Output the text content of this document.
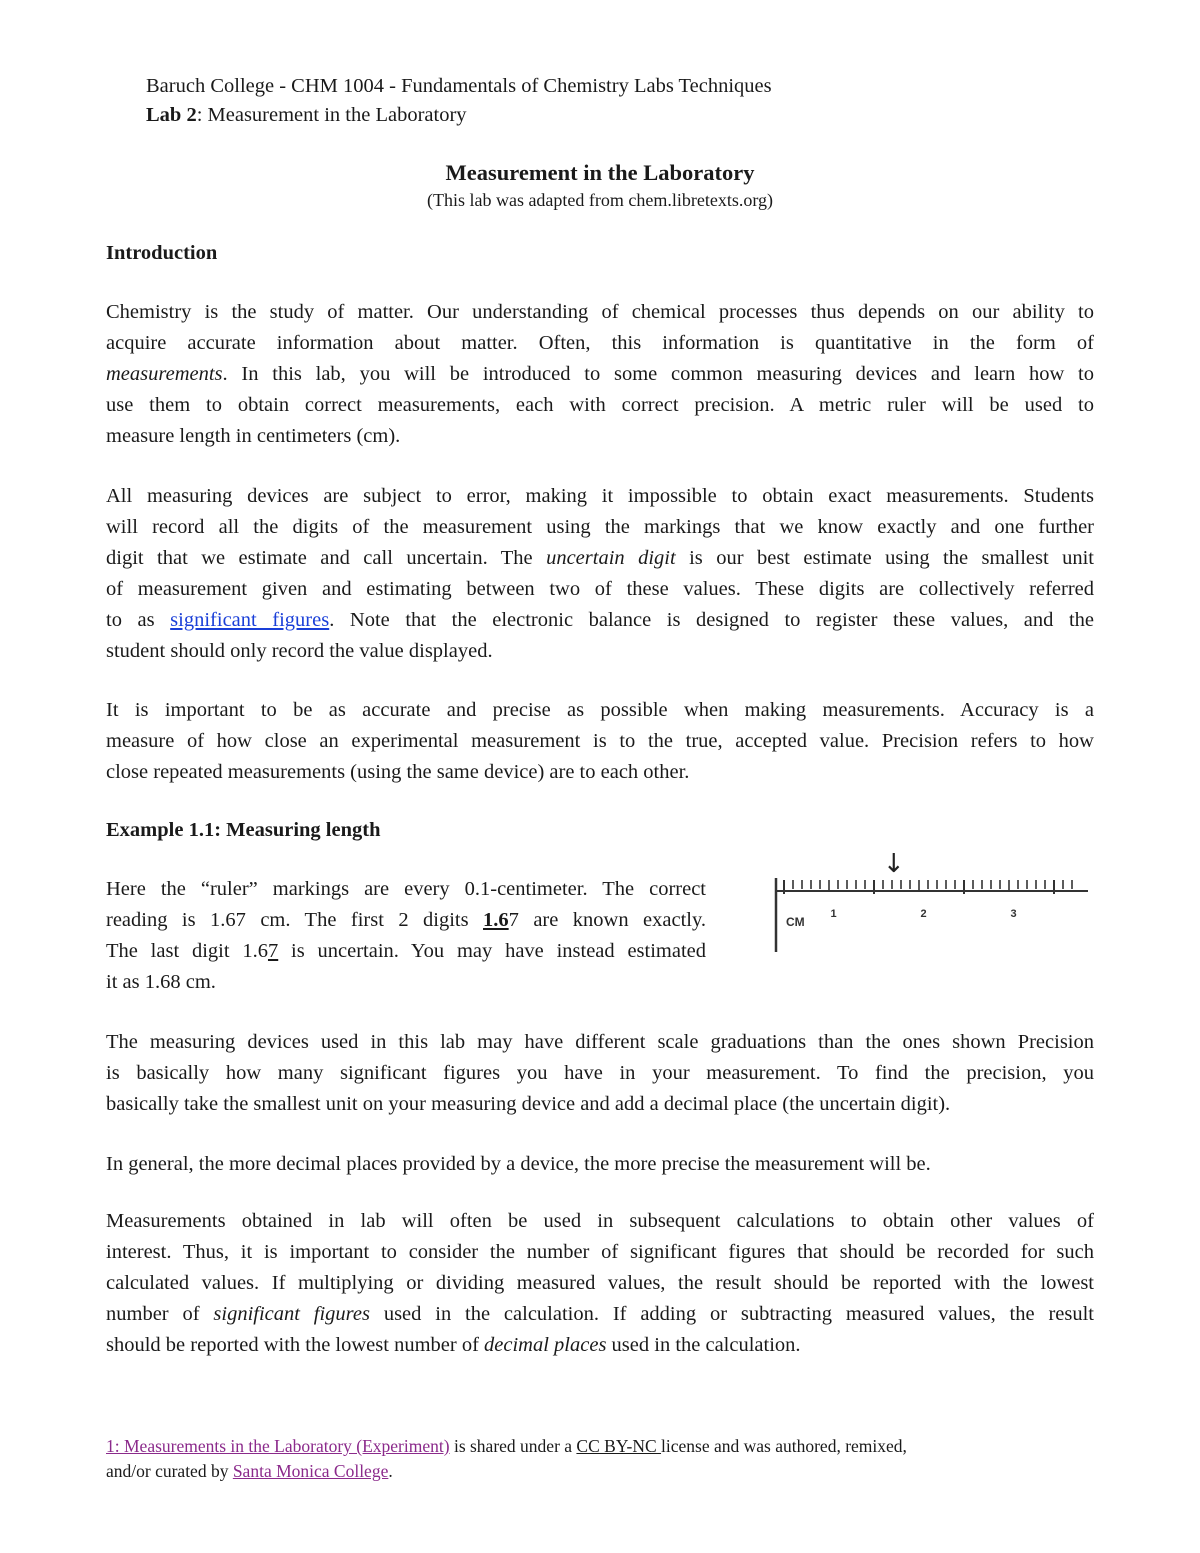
Baruch College - CHM 1004 - Fundamentals of Chemistry Labs Techniques
Lab 2: Measurement in the Laboratory
Measurement in the Laboratory
(This lab was adapted from chem.libretexts.org)
Introduction
Chemistry is the study of matter. Our understanding of chemical processes thus depends on our ability to
acquire accurate information about matter. Often, this information is quantitative in the form of
measurements. In this lab, you will be introduced to some common measuring devices and learn how to
use them to obtain correct measurements, each with correct precision. A metric ruler will be used to
measure length in centimeters (cm).
All measuring devices are subject to error, making it impossible to obtain exact measurements. Students
will record all the digits of the measurement using the markings that we know exactly and one further
digit that we estimate and call uncertain. The uncertain digit is our best estimate using the smallest unit
of measurement given and estimating between two of these values. These digits are collectively referred
to as significant figures. Note that the electronic balance is designed to register these values, and the
student should only record the value displayed.
It is important to be as accurate and precise as possible when making measurements. Accuracy is a
measure of how close an experimental measurement is to the true, accepted value. Precision refers to how
close repeated measurements (using the same device) are to each other.
Example 1.1: Measuring length
Here the “ruler” markings are every 0.1-centimeter. The correct
reading is 1.67 cm. The first 2 digits 1.67 are known exactly.
The last digit 1.67 is uncertain. You may have instead estimated
it as 1.68 cm.
CM
1	2	3
↓
The measuring devices used in this lab may have different scale graduations than the ones shown Precision
is basically how many significant figures you have in your measurement. To find the precision, you
basically take the smallest unit on your measuring device and add a decimal place (the uncertain digit).
In general, the more decimal places provided by a device, the more precise the measurement will be.
Measurements obtained in lab will often be used in subsequent calculations to obtain other values of
interest. Thus, it is important to consider the number of significant figures that should be recorded for such
calculated values. If multiplying or dividing measured values, the result should be reported with the lowest
number of significant figures used in the calculation. If adding or subtracting measured values, the result
should be reported with the lowest number of decimal places used in the calculation.
1: Measurements in the Laboratory (Experiment) is shared under a CC BY-NC license and was authored, remixed,
and/or curated by Santa Monica College.
